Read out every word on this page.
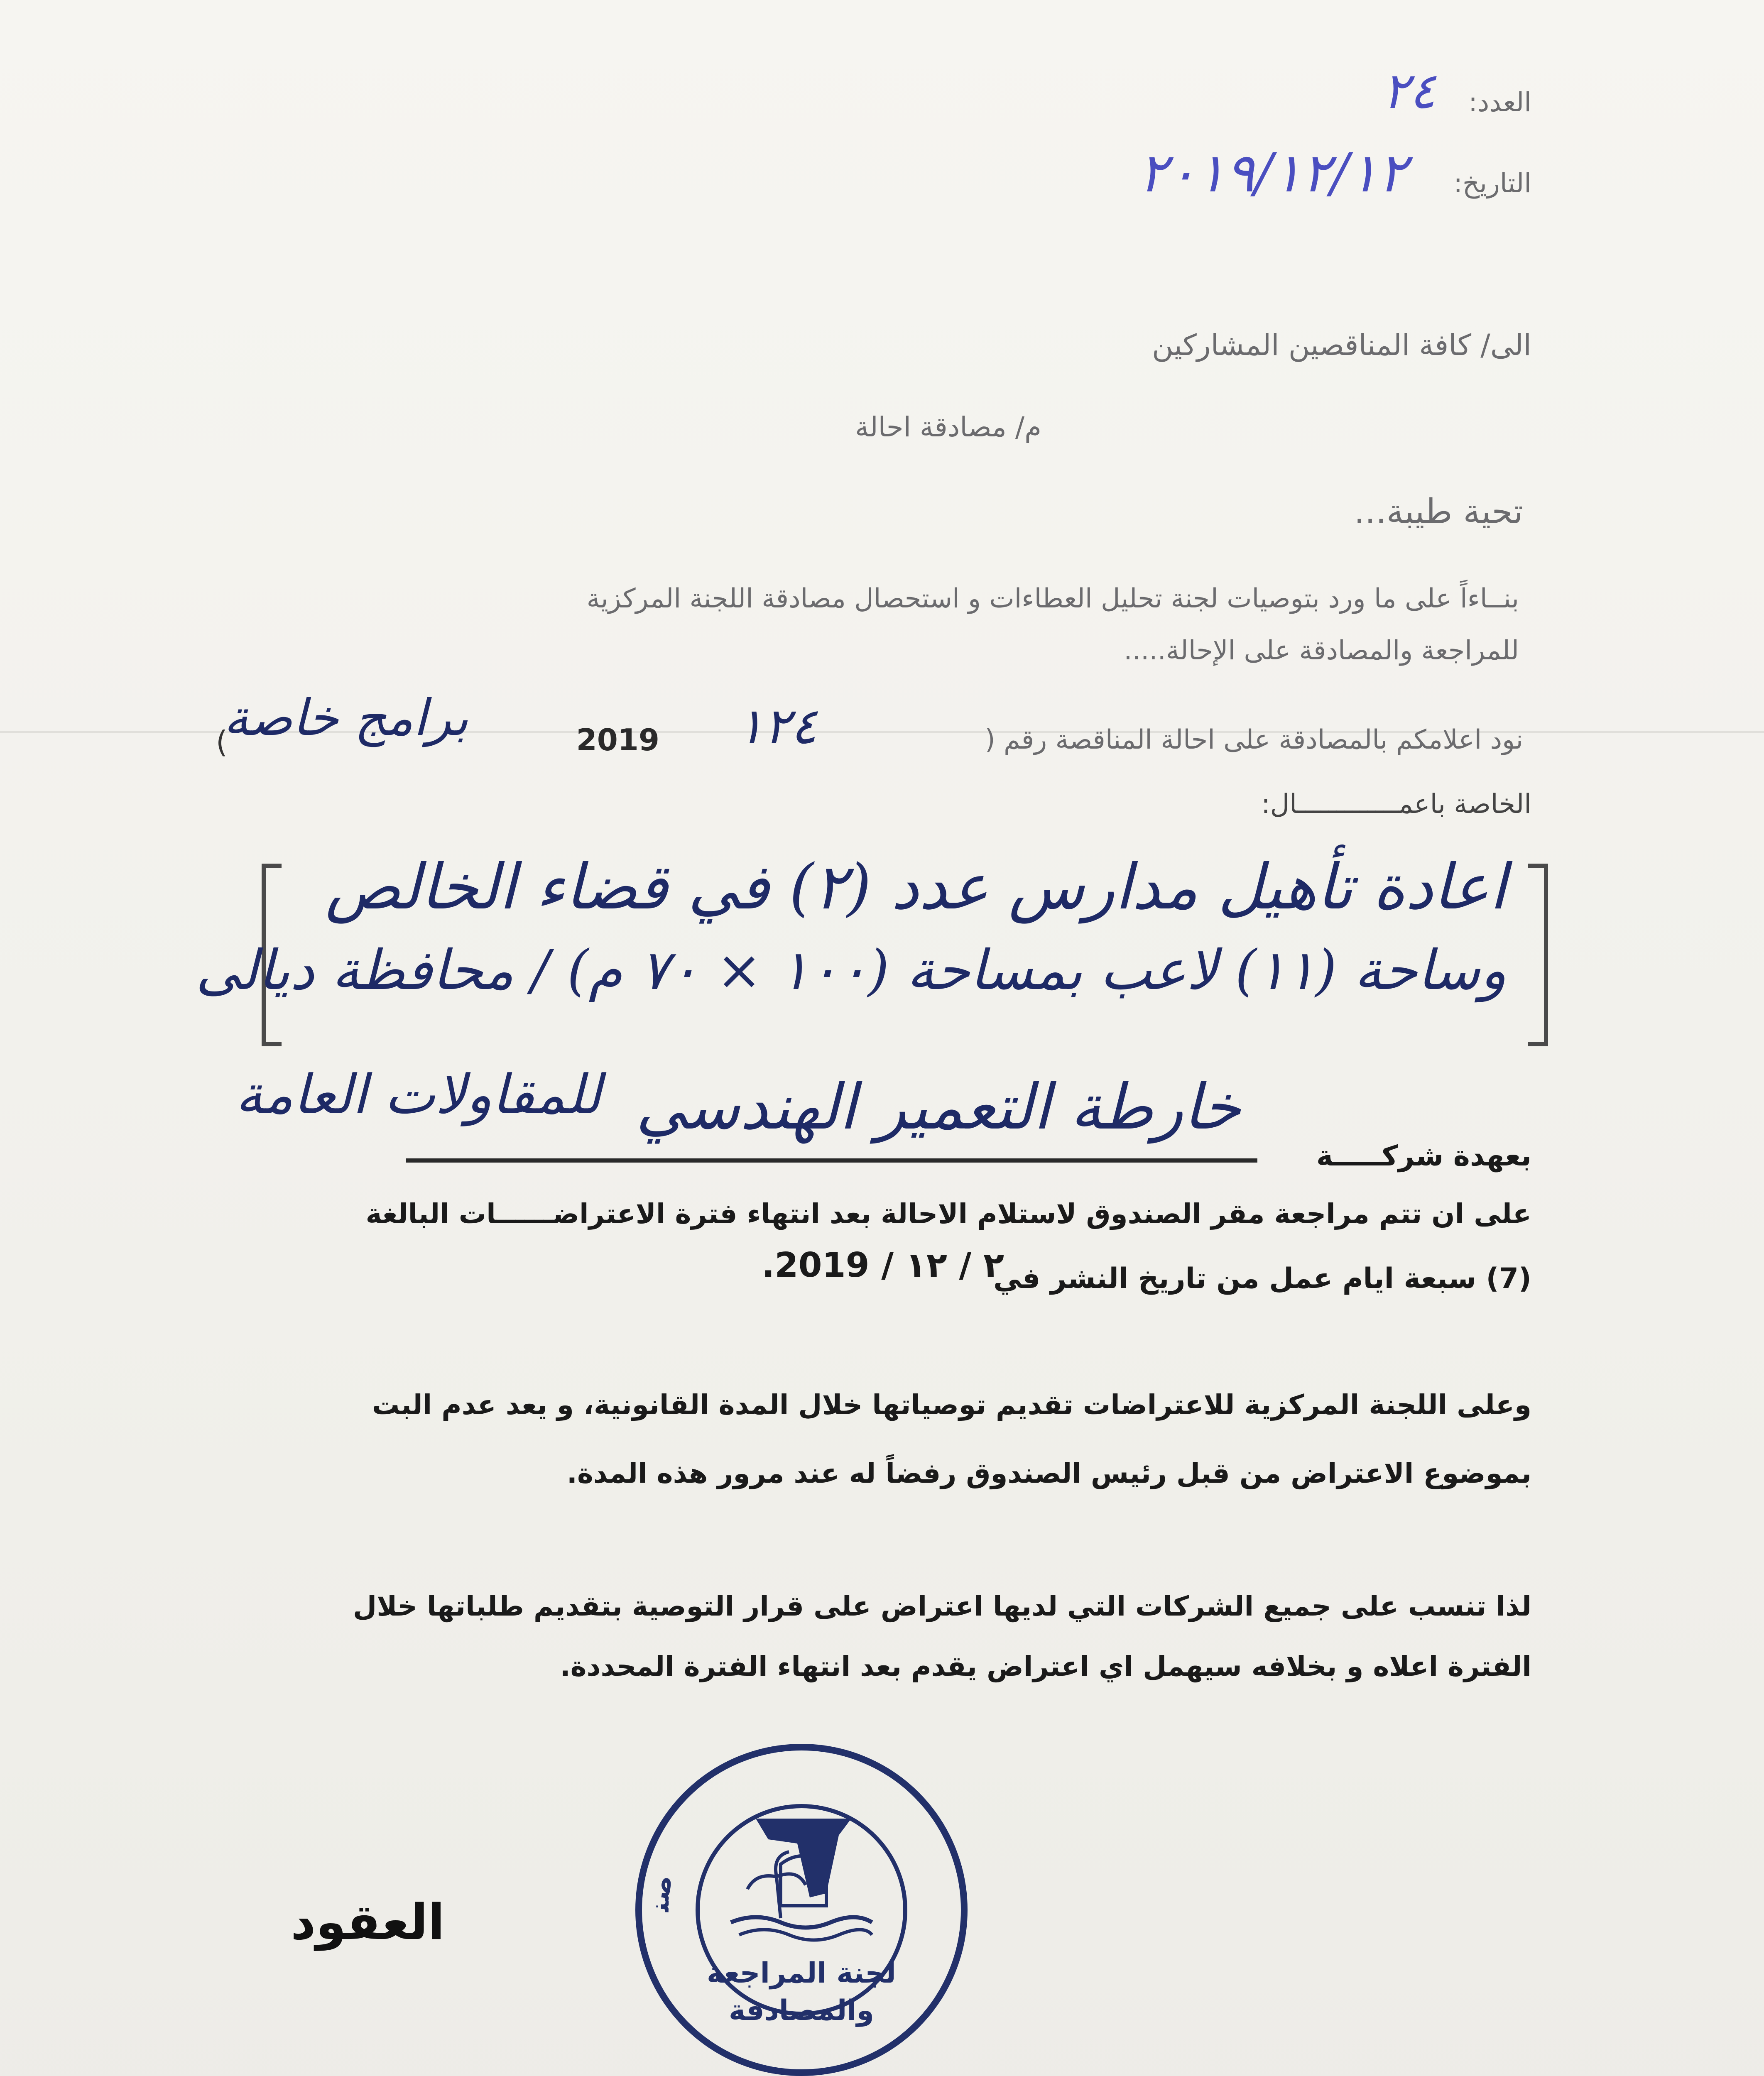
العدد:
٢٤
التاريخ:
٢٠١٩/١٢/١٢
الى/ كافة المناقصين المشاركين
م/ مصادقة احالة
تحية طيبة...
بنــاءاً على ما ورد بتوصيات لجنة تحليل العطاءات و استحصال مصادقة اللجنة المركزية
للمراجعة والمصادقة على الإحالة.....
نود اعلامكم بالمصادقة على احالة المناقصة رقم (
١٢٤
2019
برامج خاصة
)
الخاصة باعمـــــــــــــال:
اعادة تأهيل مدارس عدد (٢) في قضاء الخالص
وساحة (١١) لاعب بمساحة (١٠٠ × ٧٠ م) / محافظة ديالى
بعهدة شركـــــة
خارطة التعمير الهندسي
للمقاولات العامة
على ان تتم مراجعة مقر الصندوق لاستلام الاحالة بعد انتهاء فترة الاعتراضــــــات البالغة
(7) سبعة ايام عمل من تاريخ النشر في
٢ / ١٢ / 2019.
وعلى اللجنة المركزية للاعتراضات تقديم توصياتها خلال المدة القانونية، و يعد عدم البت
بموضوع الاعتراض من قبل رئيس الصندوق رفضاً له عند مرور هذه المدة.
لذا تنسب على جميع الشركات التي لديها اعتراض على قرار التوصية بتقديم طلباتها خلال
الفترة اعلاه و بخلافه سيهمل اي اعتراض يقدم بعد انتهاء الفترة المحددة.
صن
لجنة المراجعة
والمصادقة
العقود
